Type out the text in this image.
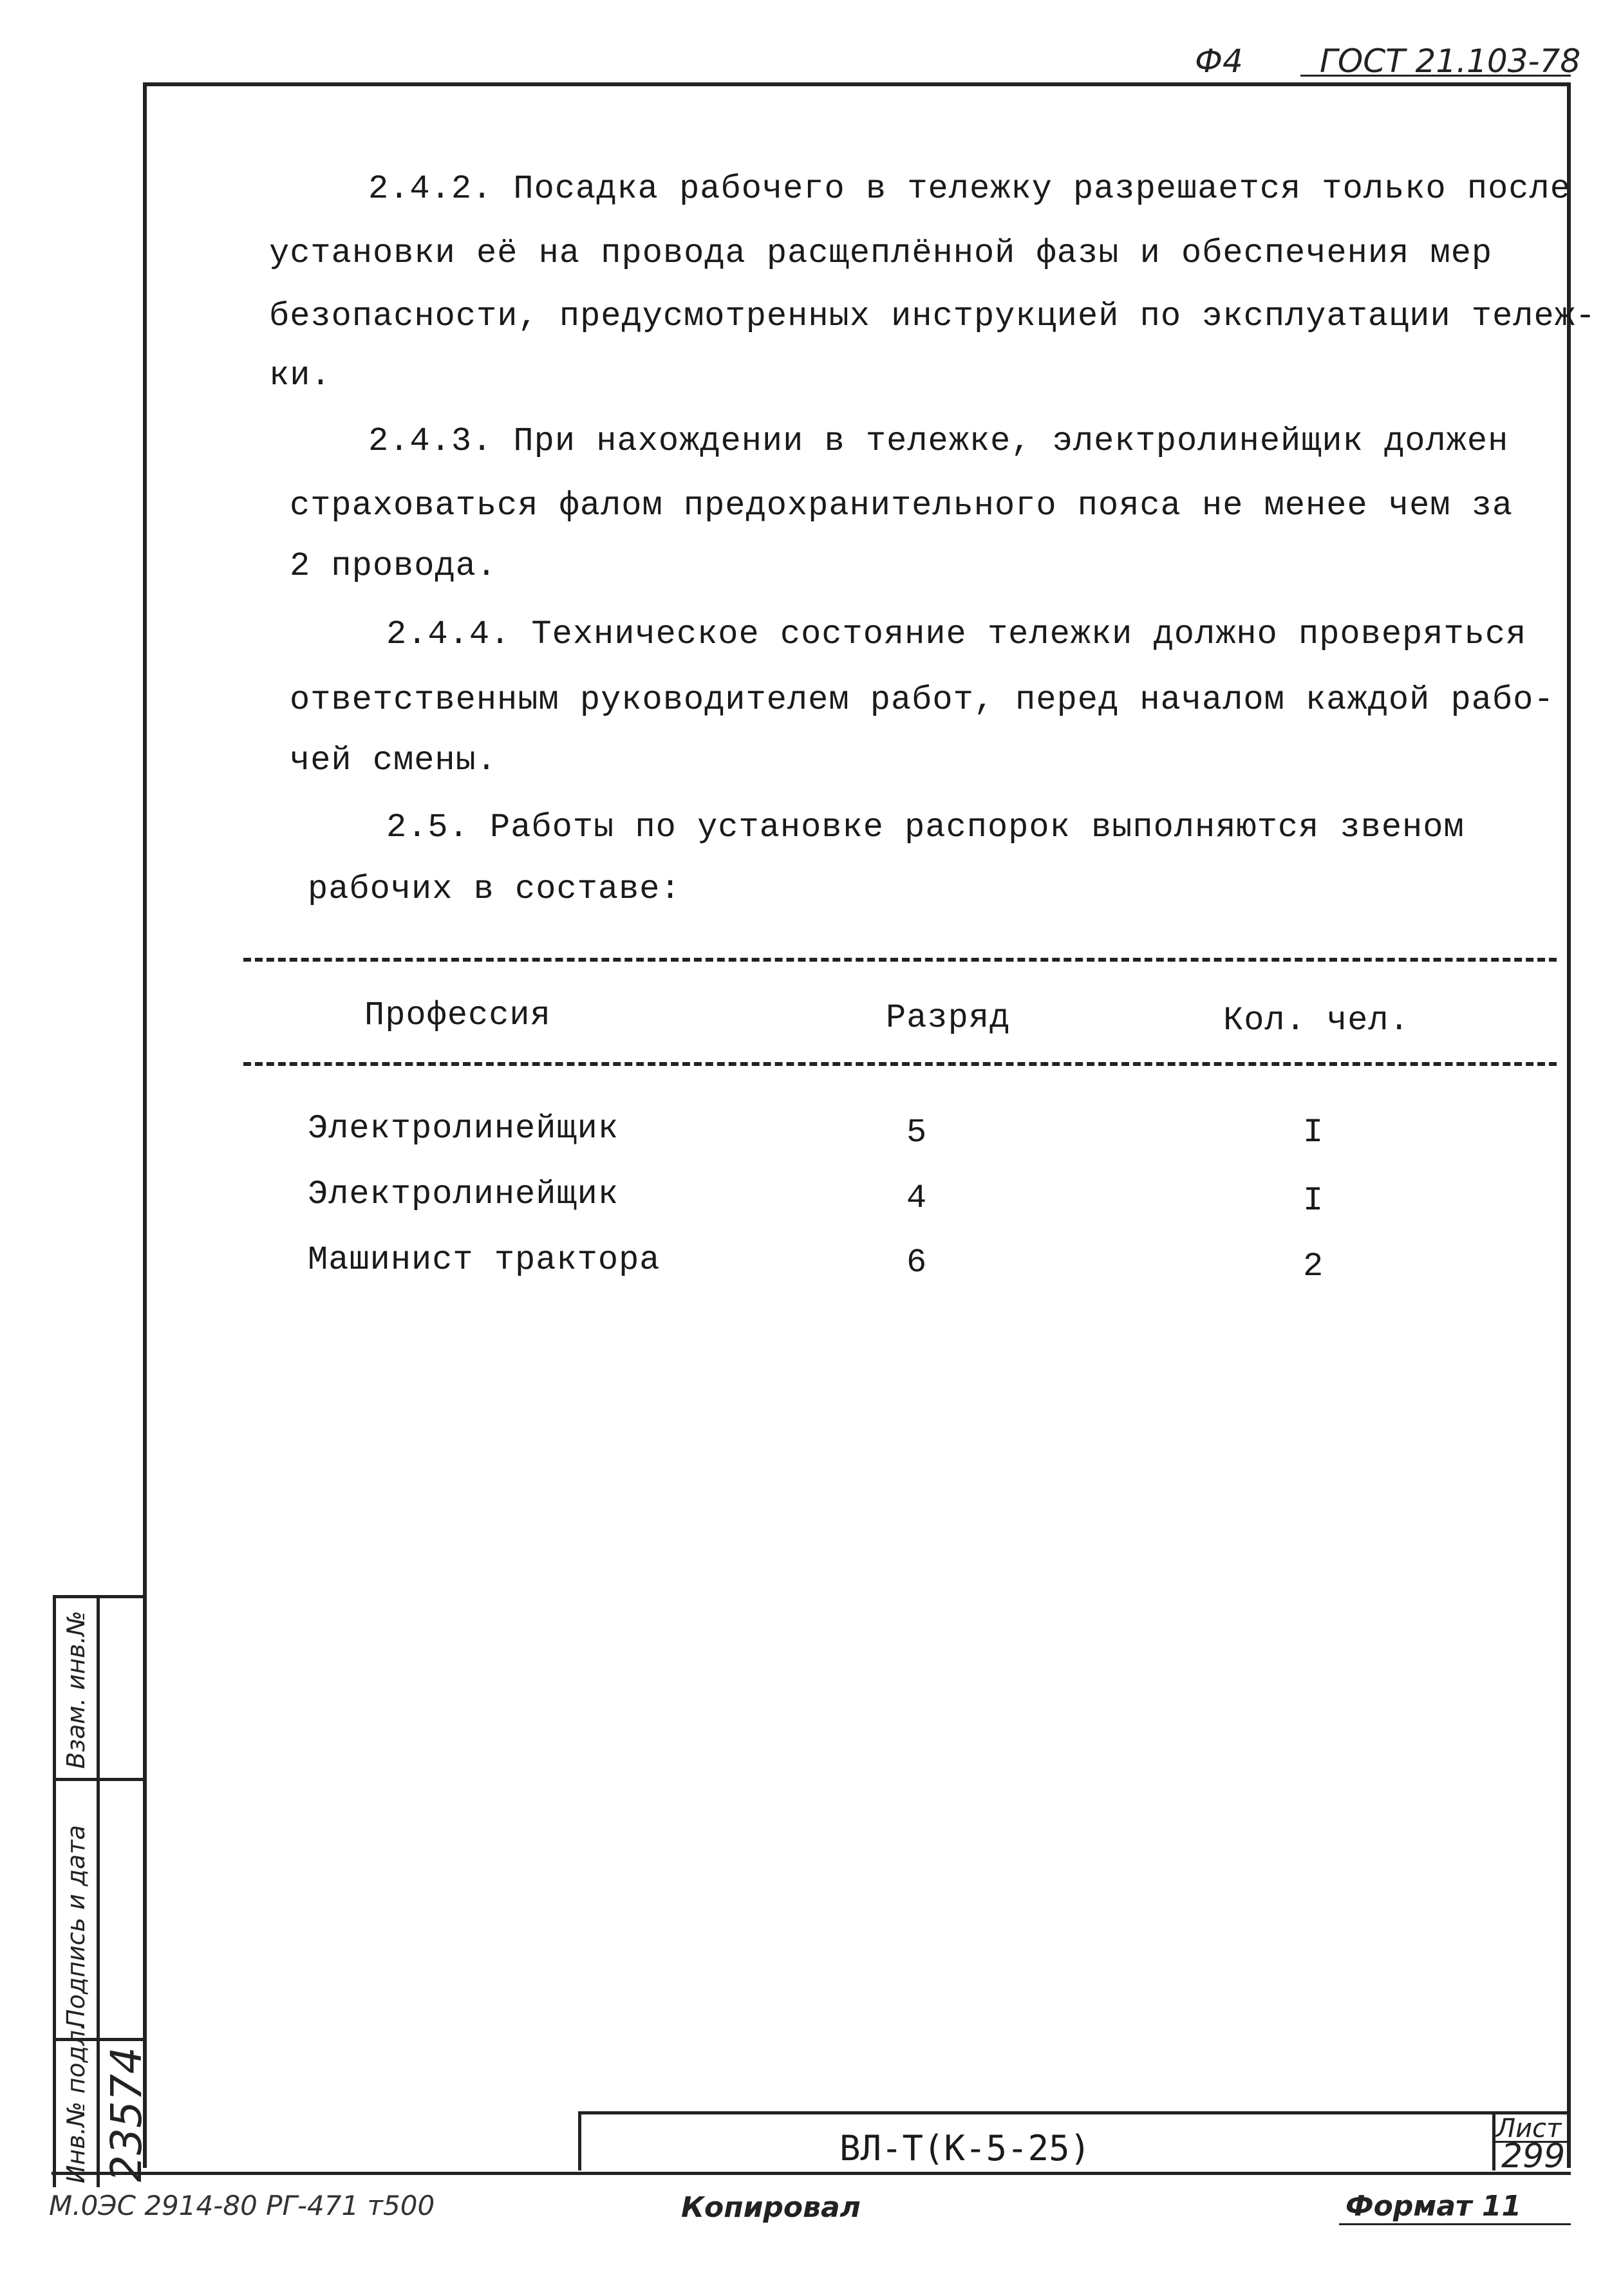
Ф4 ГОСТ 21.103-78
2.4.2. Посадка рабочего в тележку разрешается только после
установки её на провода расщеплённой фазы и обеспечения мер
безопасности, предусмотренных инструкцией по эксплуатации тележ-
ки.
2.4.3. При нахождении в тележке, электролинейщик должен
страховаться фалом предохранительного пояса не менее чем за
2 провода.
2.4.4. Техническое состояние тележки должно проверяться
ответственным руководителем работ, перед началом каждой рабо-
чей смены.
2.5. Работы по установке распорок выполняются звеном
рабочих в составе:
Профессия	Разряд	Кол. чел.
Электролинейщик	5	I
Электролинейщик	4	I
Машинист трактора	6	2
Взам. инв.№
Подпись и дата
Инв.№ подл. 23574	ВЛ-Т(К-5-25)	Лист
299
М.0ЭС 2914-80 РГ-471 т500	Копировал	Формат 11
